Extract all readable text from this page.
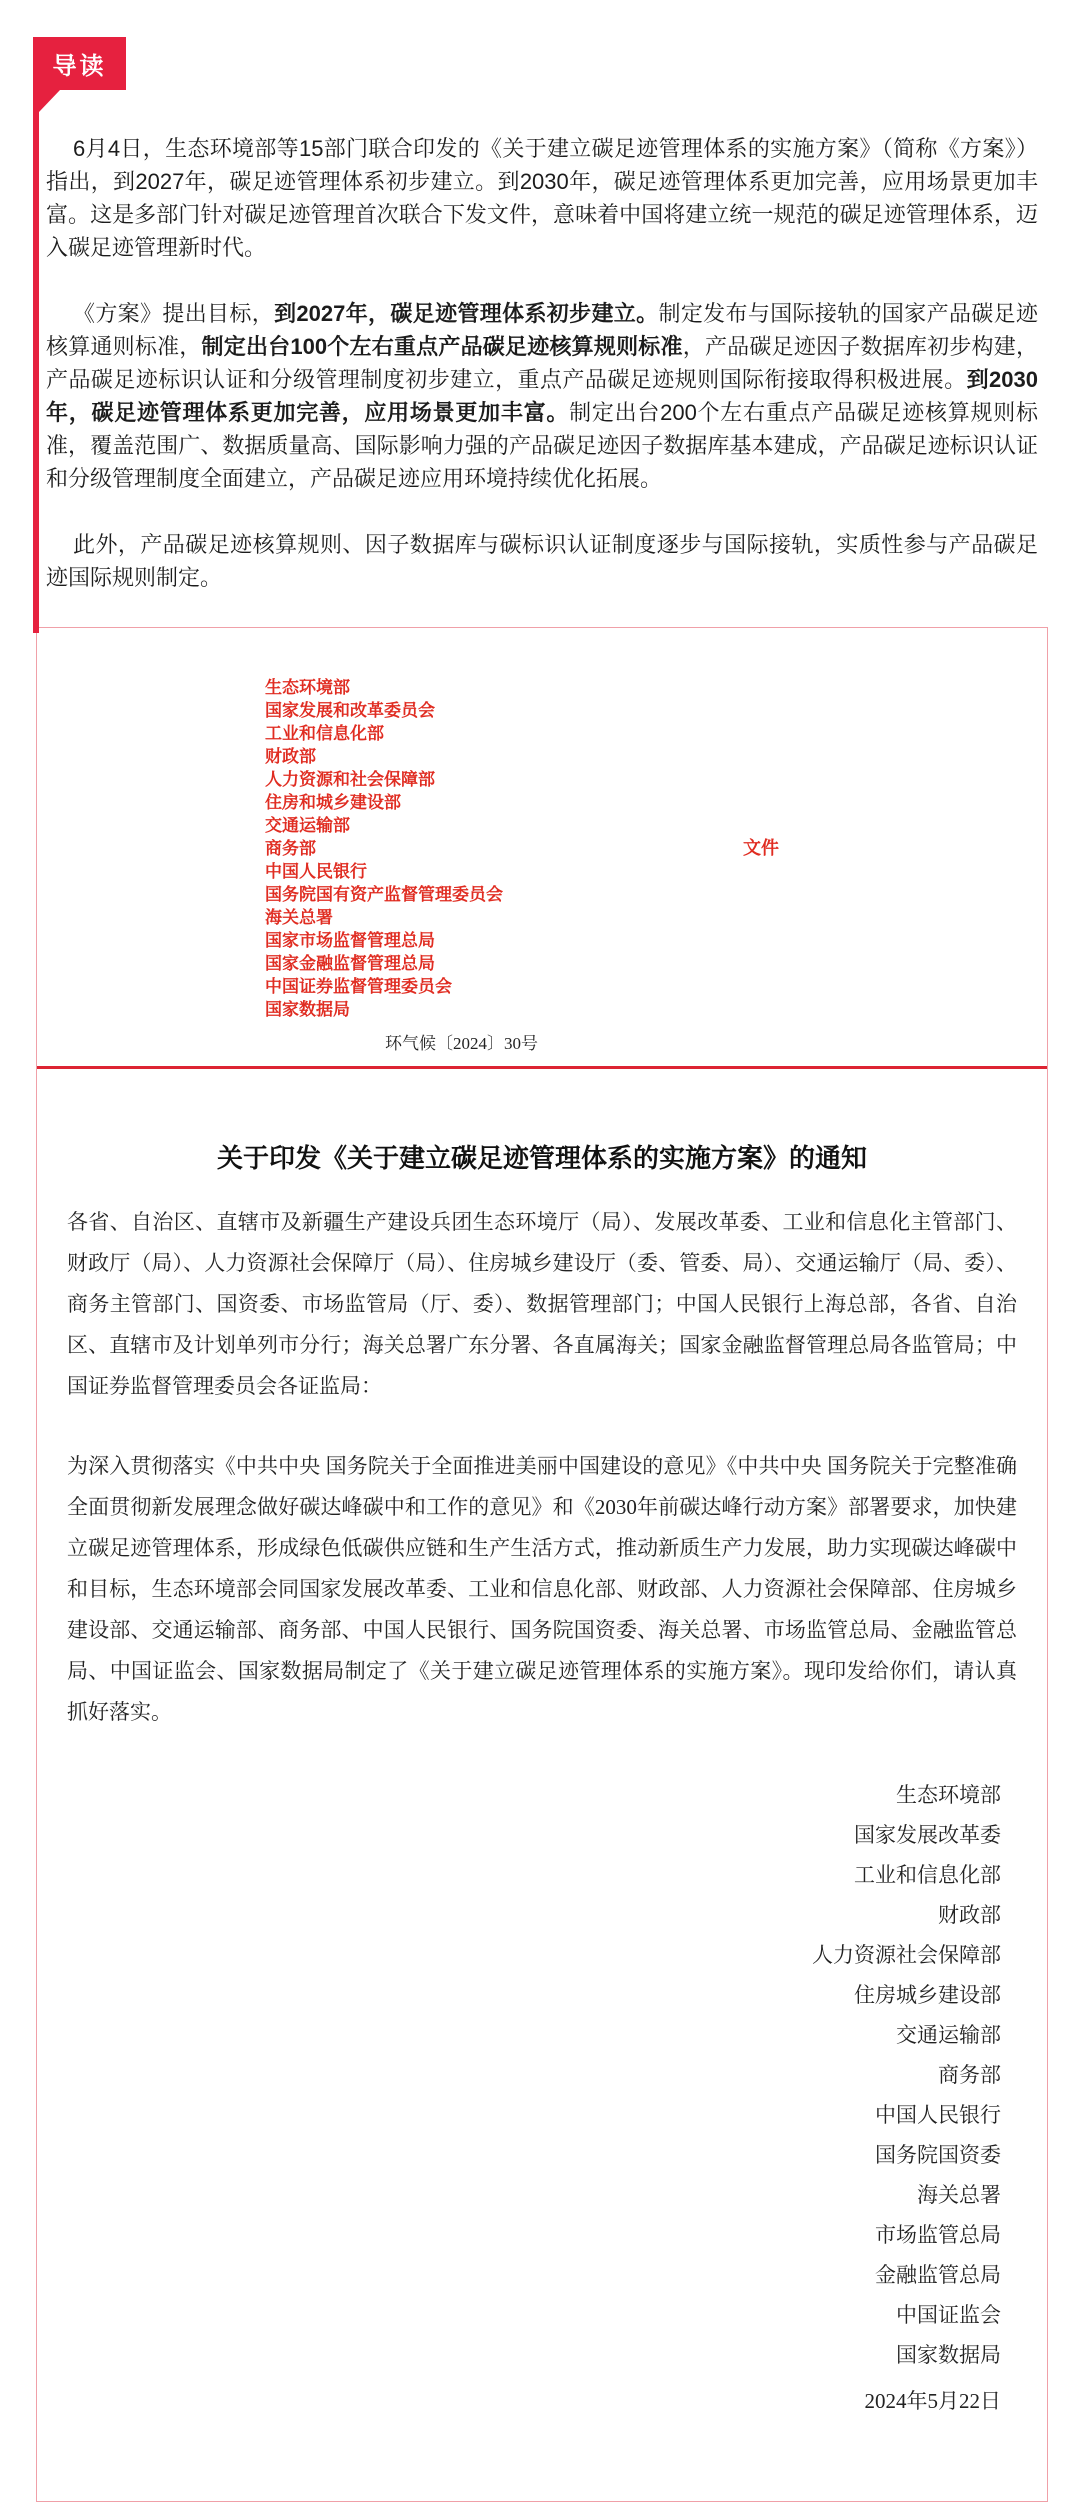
导读

6月4日，生态环境部等15部门联合印发的《关于建立碳足迹管理体系的实施方案》（简称《方案》）指出，到2027年，碳足迹管理体系初步建立。到2030年，碳足迹管理体系更加完善，应用场景更加丰富。这是多部门针对碳足迹管理首次联合下发文件，意味着中国将建立统一规范的碳足迹管理体系，迈入碳足迹管理新时代。

《方案》提出目标，到2027年，碳足迹管理体系初步建立。制定发布与国际接轨的国家产品碳足迹核算通则标准，制定出台100个左右重点产品碳足迹核算规则标准，产品碳足迹因子数据库初步构建，产品碳足迹标识认证和分级管理制度初步建立，重点产品碳足迹规则国际衔接取得积极进展。到2030年，碳足迹管理体系更加完善，应用场景更加丰富。制定出台200个左右重点产品碳足迹核算规则标准，覆盖范围广、数据质量高、国际影响力强的产品碳足迹因子数据库基本建成，产品碳足迹标识认证和分级管理制度全面建立，产品碳足迹应用环境持续优化拓展。

此外，产品碳足迹核算规则、因子数据库与碳标识认证制度逐步与国际接轨，实质性参与产品碳足迹国际规则制定。

生态环境部
国家发展和改革委员会
工业和信息化部
财政部
人力资源和社会保障部
住房和城乡建设部
交通运输部
商务部
中国人民银行
国务院国有资产监督管理委员会
海关总署
国家市场监督管理总局
国家金融监督管理总局
中国证券监督管理委员会
国家数据局
文件
环气候〔2024〕30号
关于印发《关于建立碳足迹管理体系的实施方案》的通知

各省、自治区、直辖市及新疆生产建设兵团生态环境厅（局）、发展改革委、工业和信息化主管部门、财政厅（局）、人力资源社会保障厅（局）、住房城乡建设厅（委、管委、局）、交通运输厅（局、委）、商务主管部门、国资委、市场监管局（厅、委）、数据管理部门；中国人民银行上海总部，各省、自治区、直辖市及计划单列市分行；海关总署广东分署、各直属海关；国家金融监督管理总局各监管局；中国证券监督管理委员会各证监局：

为深入贯彻落实《中共中央 国务院关于全面推进美丽中国建设的意见》《中共中央 国务院关于完整准确全面贯彻新发展理念做好碳达峰碳中和工作的意见》和《2030年前碳达峰行动方案》部署要求，加快建立碳足迹管理体系，形成绿色低碳供应链和生产生活方式，推动新质生产力发展，助力实现碳达峰碳中和目标，生态环境部会同国家发展改革委、工业和信息化部、财政部、人力资源社会保障部、住房城乡建设部、交通运输部、商务部、中国人民银行、国务院国资委、海关总署、市场监管总局、金融监管总局、中国证监会、国家数据局制定了《关于建立碳足迹管理体系的实施方案》。现印发给你们，请认真抓好落实。

生态环境部
国家发展改革委
工业和信息化部
财政部
人力资源社会保障部
住房城乡建设部
交通运输部
商务部
中国人民银行
国务院国资委
海关总署
市场监管总局
金融监管总局
中国证监会
国家数据局
2024年5月22日
